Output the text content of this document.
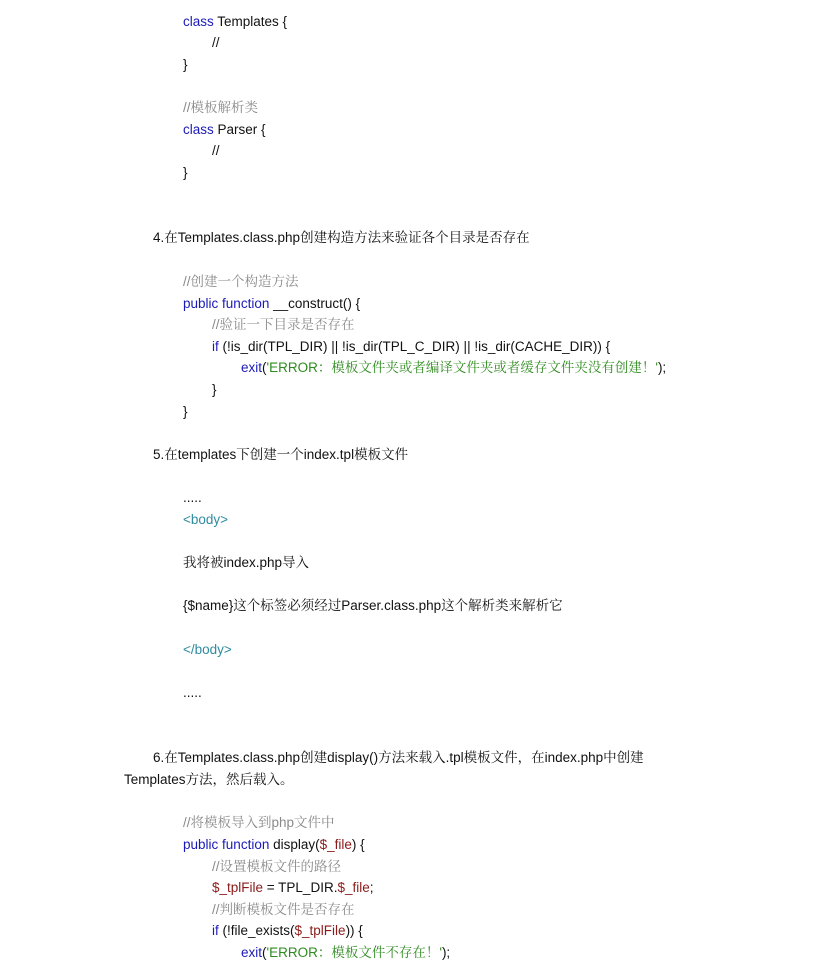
class Templates {
//
}
//模板解析类
class Parser {
//
}
4.在Templates.class.php创建构造方法来验证各个目录是否存在
//创建一个构造方法
public function __construct() {
//验证一下目录是否存在
if (!is_dir(TPL_DIR) || !is_dir(TPL_C_DIR) || !is_dir(CACHE_DIR)) {
exit('ERROR：模板文件夹或者编译文件夹或者缓存文件夹没有创建！');
}
}
5.在templates下创建一个index.tpl模板文件
.....
<body>
我将被index.php导入
{$name}这个标签必须经过Parser.class.php这个解析类来解析它
</body>
.....
6.在Templates.class.php创建display()方法来载入.tpl模板文件，在index.php中创建
Templates方法，然后载入。
//将模板导入到php文件中
public function display($_file) {
//设置模板文件的路径
$_tplFile = TPL_DIR.$_file;
//判断模板文件是否存在
if (!file_exists($_tplFile)) {
exit('ERROR：模板文件不存在！');
